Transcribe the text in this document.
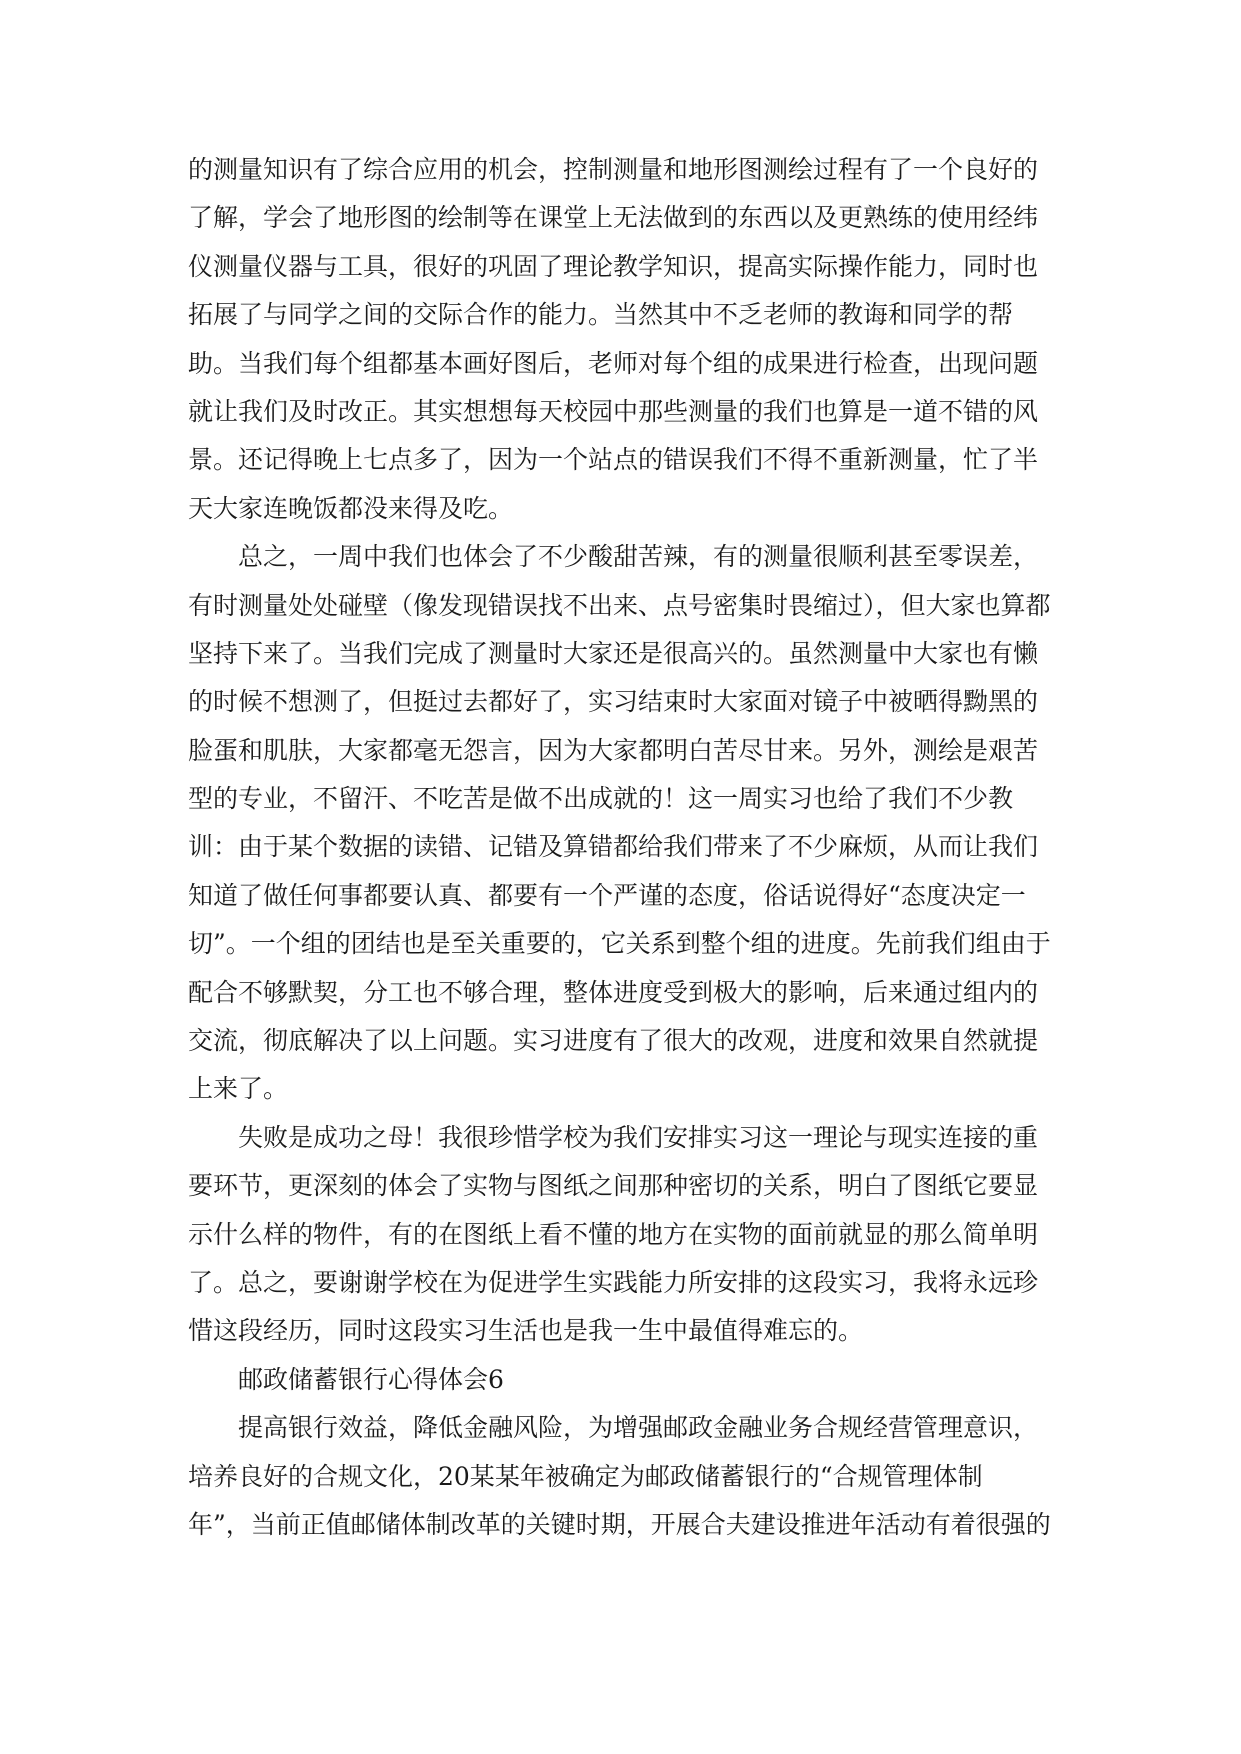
的测量知识有了综合应用的机会，控制测量和地形图测绘过程有了一个良好的
了解，学会了地形图的绘制等在课堂上无法做到的东西以及更熟练的使用经纬
仪测量仪器与工具，很好的巩固了理论教学知识，提高实际操作能力，同时也
拓展了与同学之间的交际合作的能力。当然其中不乏老师的教诲和同学的帮
助。当我们每个组都基本画好图后，老师对每个组的成果进行检查，出现问题
就让我们及时改正。其实想想每天校园中那些测量的我们也算是一道不错的风
景。还记得晚上七点多了，因为一个站点的错误我们不得不重新测量，忙了半
天大家连晚饭都没来得及吃。
总之，一周中我们也体会了不少酸甜苦辣，有的测量很顺利甚至零误差，
有时测量处处碰壁（像发现错误找不出来、点号密集时畏缩过），但大家也算都
坚持下来了。当我们完成了测量时大家还是很高兴的。虽然测量中大家也有懒
的时候不想测了，但挺过去都好了，实习结束时大家面对镜子中被晒得黝黑的
脸蛋和肌肤，大家都毫无怨言，因为大家都明白苦尽甘来。另外，测绘是艰苦
型的专业，不留汗、不吃苦是做不出成就的！这一周实习也给了我们不少教
训：由于某个数据的读错、记错及算错都给我们带来了不少麻烦，从而让我们
知道了做任何事都要认真、都要有一个严谨的态度，俗话说得好“态度决定一
切”。一个组的团结也是至关重要的，它关系到整个组的进度。先前我们组由于
配合不够默契，分工也不够合理，整体进度受到极大的影响，后来通过组内的
交流，彻底解决了以上问题。实习进度有了很大的改观，进度和效果自然就提
上来了。
失败是成功之母！我很珍惜学校为我们安排实习这一理论与现实连接的重
要环节，更深刻的体会了实物与图纸之间那种密切的关系，明白了图纸它要显
示什么样的物件，有的在图纸上看不懂的地方在实物的面前就显的那么简单明
了。总之，要谢谢学校在为促进学生实践能力所安排的这段实习，我将永远珍
惜这段经历，同时这段实习生活也是我一生中最值得难忘的。
邮政储蓄银行心得体会6
提高银行效益，降低金融风险，为增强邮政金融业务合规经营管理意识，
培养良好的合规文化，20某某年被确定为邮政储蓄银行的“合规管理体制
年”，当前正值邮储体制改革的关键时期，开展合夫建设推进年活动有着很强的
